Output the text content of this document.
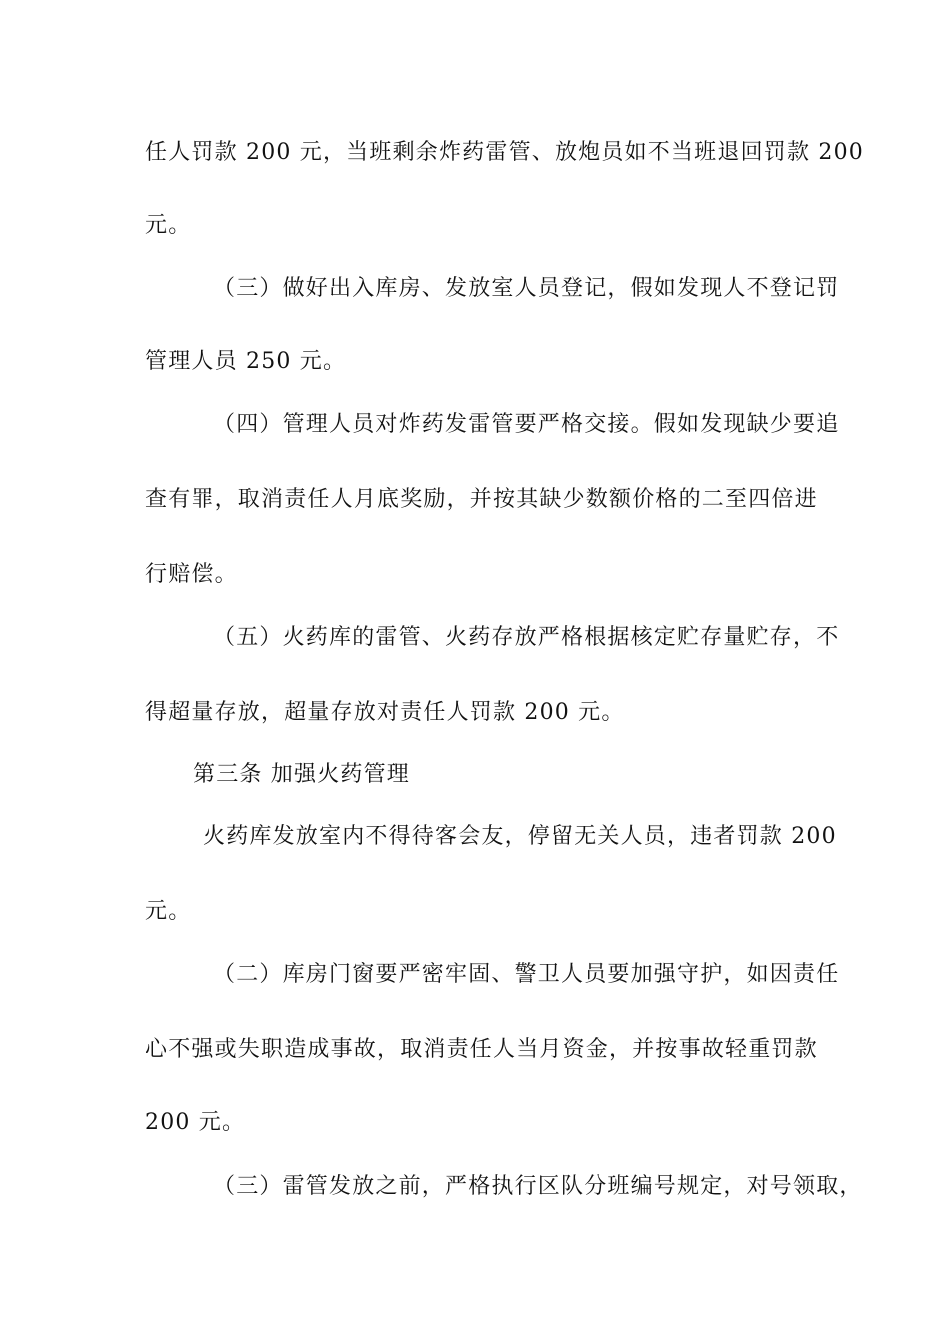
任人罚款 200 元，当班剩余炸药雷管、放炮员如不当班退回罚款 200
元。
（三）做好出入库房、发放室人员登记，假如发现人不登记罚
管理人员 250 元。
（四）管理人员对炸药发雷管要严格交接。假如发现缺少要追
查有罪，取消责任人月底奖励，并按其缺少数额价格的二至四倍进
行赔偿。
（五）火药库的雷管、火药存放严格根据核定贮存量贮存，不
得超量存放，超量存放对责任人罚款 200 元。
第三条 加强火药管理
火药库发放室内不得待客会友，停留无关人员，违者罚款 200
元。
（二）库房门窗要严密牢固、警卫人员要加强守护，如因责任
心不强或失职造成事故，取消责任人当月资金，并按事故轻重罚款
200 元。
（三）雷管发放之前，严格执行区队分班编号规定，对号领取，
